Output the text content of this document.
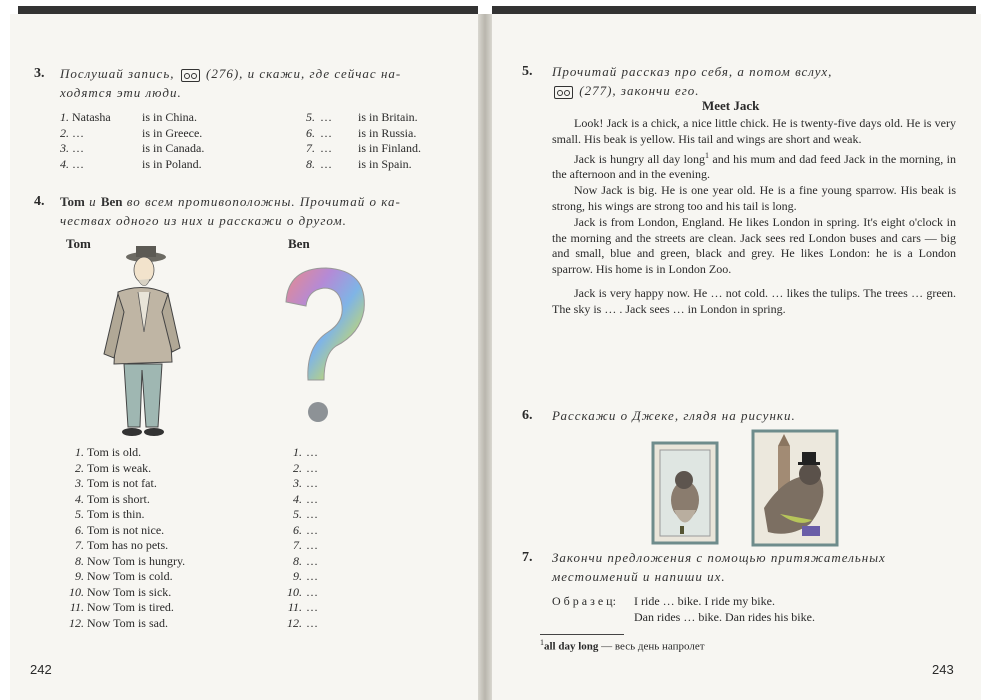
3. Послушай запись, (276), и скажи, где сейчас на-
ходятся эти люди.
1. Natasha	is in China.
2. …	is in Greece.
3. …	is in Canada.
4. …	is in Poland.
5. … is in Britain.
6. … is in Russia.
7. … is in Finland.
8. … is in Spain.
4. Tom и Ben во всем противоположны. Прочитай о ка-
чествах одного из них и расскажи о другом.
Tom	Ben
1. Tom is old.
2. Tom is weak.
3. Tom is not fat.
4. Tom is short.
5. Tom is thin.
6. Tom is not nice.
7. Tom has no pets.
8. Now Tom is hungry.
9. Now Tom is cold.
10. Now Tom is sick.
11. Now Tom is tired.
12. Now Tom is sad.
1. …
2. …
3. …
4. …
5. …
6. …
7. …
8. …
9. …
10. …
11. …
12. …
242
5. Прочитай рассказ про себя, а потом вслух,
(277), закончи его.
Meet Jack

Look! Jack is a chick, a nice little chick. He is twenty-five days old. He is very small. His beak is yellow. His tail and wings are short and weak.

Jack is hungry all day long$^1$ and his mum and dad feed Jack in the morning, in the afternoon and in the evening.

Now Jack is big. He is one year old. He is a fine young sparrow. His beak is strong, his wings are strong too and his tail is long.

Jack is from London, England. He likes London in spring. It's eight o'clock in the morning and the streets are clean. Jack sees red London buses and cars — big and small, blue and green, black and grey. He likes London: he is a London sparrow. His home is in London Zoo.

Jack is very happy now. He … not cold. … likes the tulips. The trees … green. The sky is … . Jack sees … in London in spring.

6. Расскажи о Джеке, глядя на рисунки.
7. Закончи предложения с помощью притяжательных
местоимений и напиши их.
О б р а з е ц: I ride … bike. I ride my bike.
Dan rides … bike. Dan rides his bike.
$^1$all day long — весь день напролет
243
